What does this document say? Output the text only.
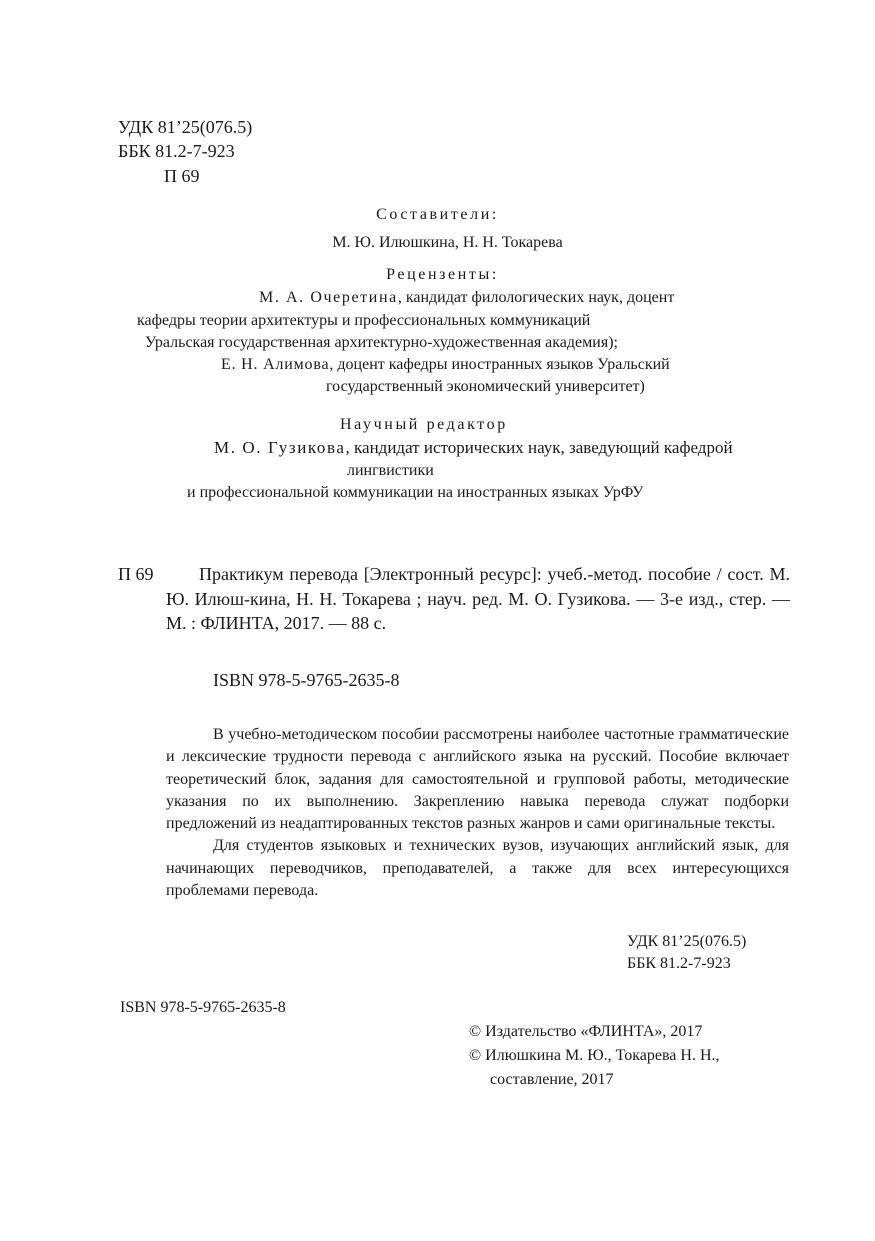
УДК 81’25(076.5)
ББК 81.2-7-923
П 69
Составители:
М. Ю. Илюшкина, Н. Н. Токарева
Рецензенты:
М. А. Очеретина, кандидат филологических наук, доцент
кафедры теории архитектуры и профессиональных коммуникаций
Уральская государственная архитектурно-художественная академия);
Е. Н. Алимова, доцент кафедры иностранных языков Уральский
государственный экономический университет)
Научный редактор
М. О. Гузикова, кандидат исторических наук, заведующий кафедрой
лингвистики
и профессиональной коммуникации на иностранных языках УрФУ
П 69	Практикум перевода [Электронный ресурс]: учеб.-метод. пособие / сост. М. Ю. Илюш-кина, Н. Н. Токарева ; науч. ред. М. О. Гузикова. — 3-е изд., стер. — М. : ФЛИНТА, 2017. — 88 с.
ISBN 978-5-9765-2635-8

В учебно-методическом пособии рассмотрены наиболее частотные грамматические и лексические трудности перевода с английского языка на русский. Пособие включает теоретический блок, задания для самостоятельной и групповой работы, методические указания по их выполнению. Закреплению навыка перевода служат подборки предложений из неадаптированных текстов разных жанров и сами оригинальные тексты.

Для студентов языковых и технических вузов, изучающих английский язык, для начинающих переводчиков, преподавателей, а также для всех интересующихся проблемами перевода.

УДК 81’25(076.5)
ББК 81.2-7-923
ISBN 978-5-9765-2635-8
© Издательство «ФЛИНТА», 2017
© Илюшкина М. Ю., Токарева Н. Н.,
составление, 2017
